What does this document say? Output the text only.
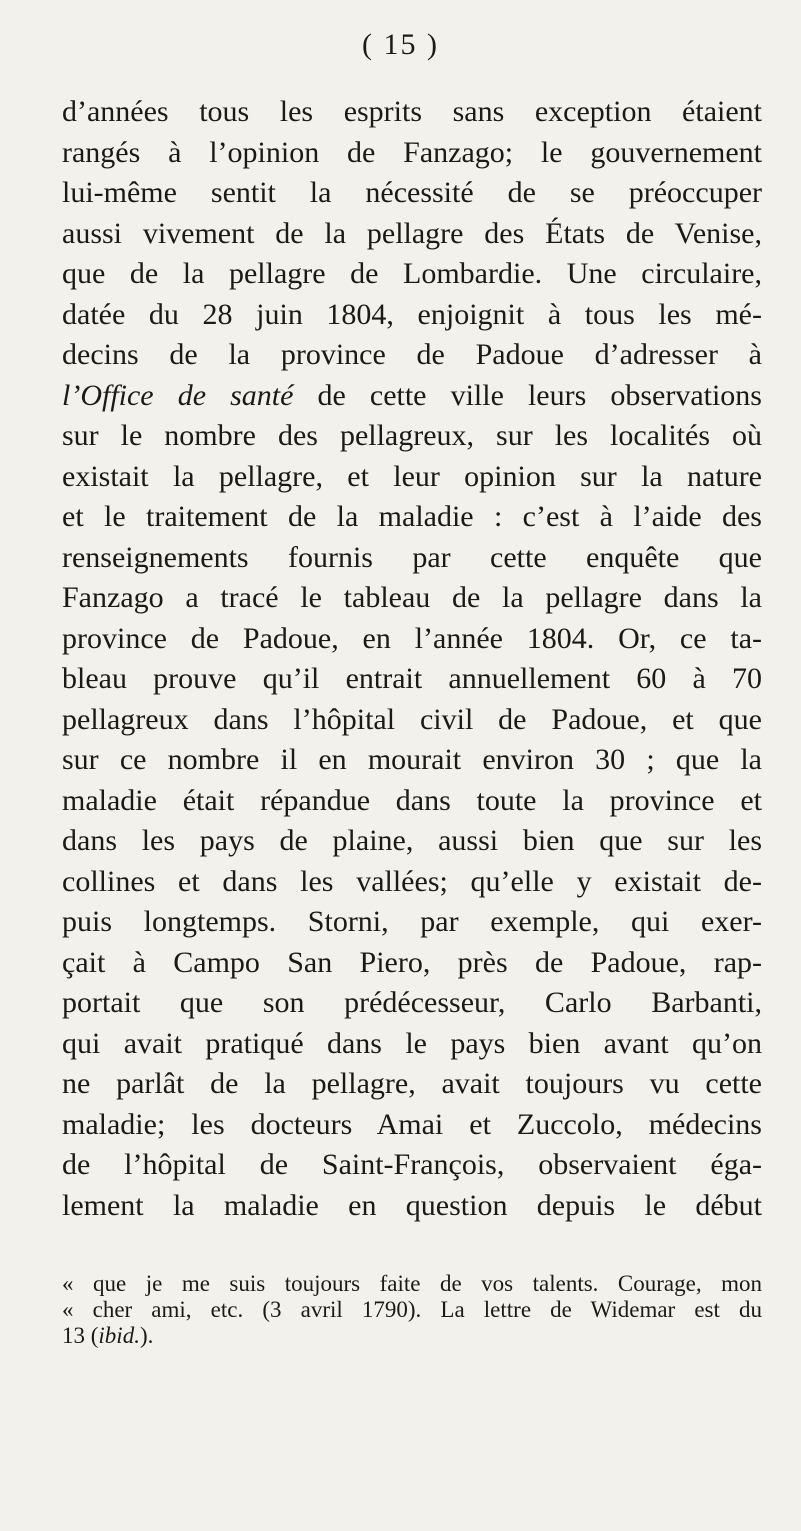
( 15 )
d’années tous les esprits sans exception étaient
rangés à l’opinion de Fanzago; le gouvernement
lui-même sentit la nécessité de se préoccuper
aussi vivement de la pellagre des États de Venise,
que de la pellagre de Lombardie. Une circulaire,
datée du 28 juin 1804, enjoignit à tous les mé-
decins de la province de Padoue d’adresser à
l’Office de santé de cette ville leurs observations
sur le nombre des pellagreux, sur les localités où
existait la pellagre, et leur opinion sur la nature
et le traitement de la maladie : c’est à l’aide des
renseignements fournis par cette enquête que
Fanzago a tracé le tableau de la pellagre dans la
province de Padoue, en l’année 1804. Or, ce ta-
bleau prouve qu’il entrait annuellement 60 à 70
pellagreux dans l’hôpital civil de Padoue, et que
sur ce nombre il en mourait environ 30 ; que la
maladie était répandue dans toute la province et
dans les pays de plaine, aussi bien que sur les
collines et dans les vallées; qu’elle y existait de-
puis longtemps. Storni, par exemple, qui exer-
çait à Campo San Piero, près de Padoue, rap-
portait que son prédécesseur, Carlo Barbanti,
qui avait pratiqué dans le pays bien avant qu’on
ne parlât de la pellagre, avait toujours vu cette
maladie; les docteurs Amai et Zuccolo, médecins
de l’hôpital de Saint-François, observaient éga-
lement la maladie en question depuis le début
« que je me suis toujours faite de vos talents. Courage, mon
« cher ami, etc. (3 avril 1790). La lettre de Widemar est du
13 (ibid.).
